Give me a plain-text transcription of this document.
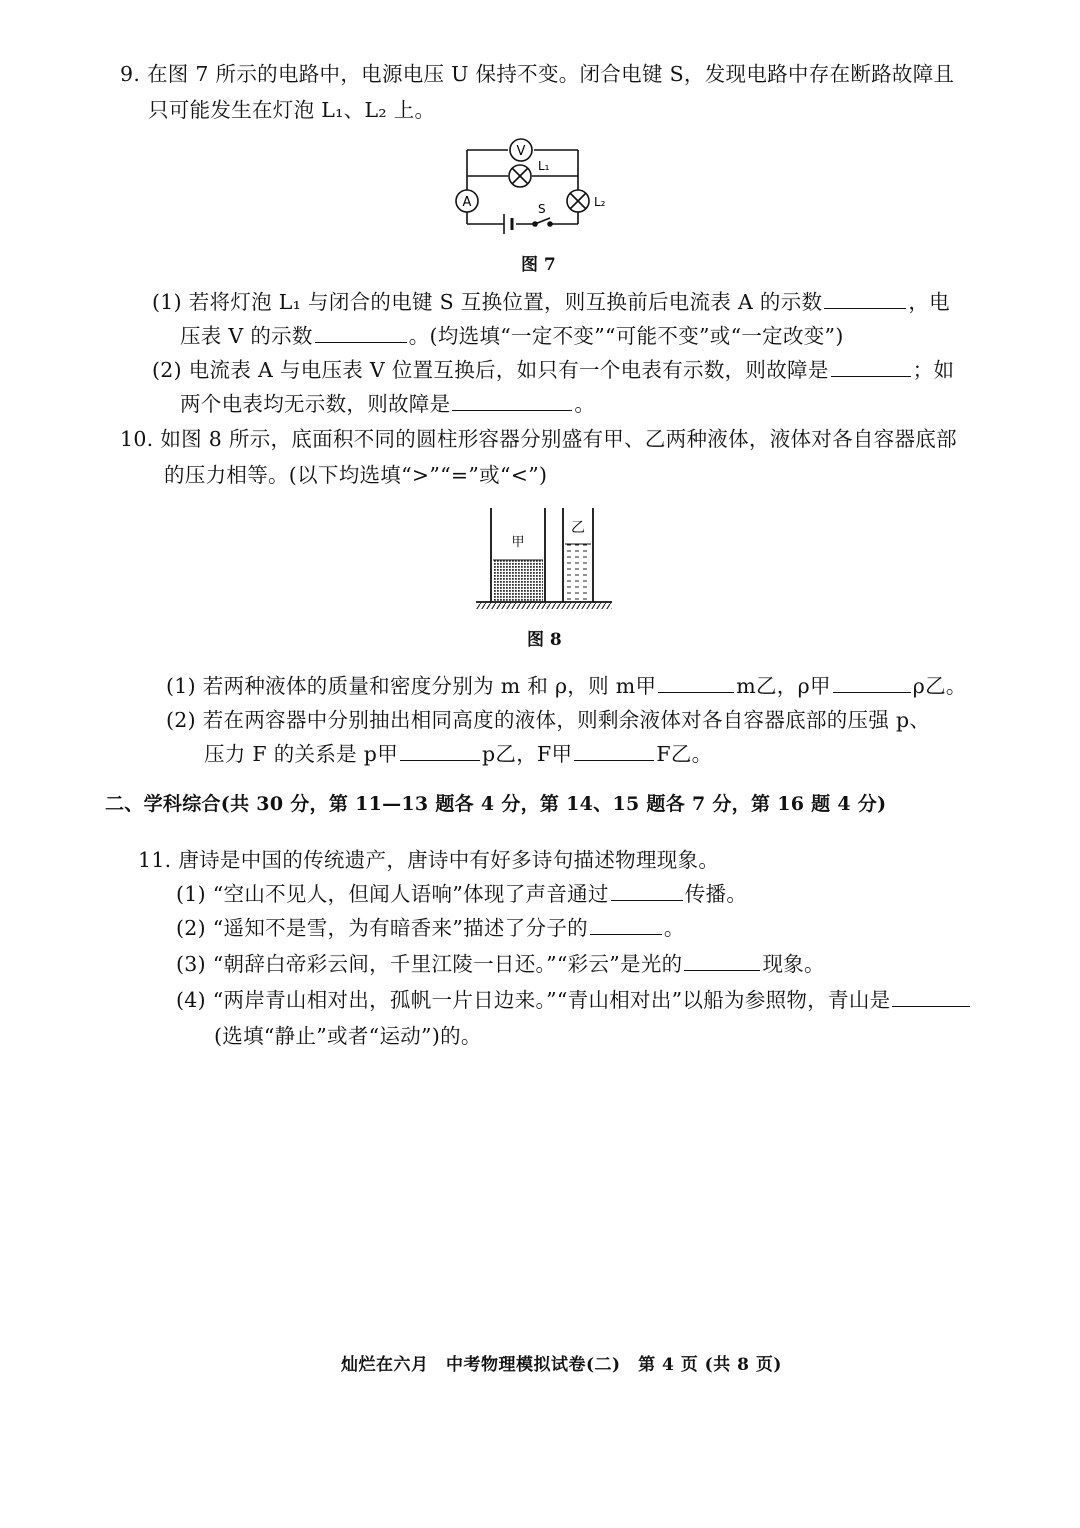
9. 在图 7 所示的电路中，电源电压 U 保持不变。闭合电键 S，发现电路中存在断路故障且
只可能发生在灯泡 L₁、L₂ 上。
V
A
L₁
L₂
S
图 7
(1) 若将灯泡 L₁ 与闭合的电键 S 互换位置，则互换前后电流表 A 的示数	，电
压表 V 的示数	。(均选填“一定不变”“可能不变”或“一定改变”)
(2) 电流表 A 与电压表 V 位置互换后，如只有一个电表有示数，则故障是	；如
两个电表均无示数，则故障是	。
10. 如图 8 所示，底面积不同的圆柱形容器分别盛有甲、乙两种液体，液体对各自容器底部
的压力相等。(以下均选填“>”“=”或“<”)
甲
乙
图 8
(1) 若两种液体的质量和密度分别为 m 和 ρ，则 m甲	m乙，ρ甲	ρ乙。
(2) 若在两容器中分别抽出相同高度的液体，则剩余液体对各自容器底部的压强 p、
压力 F 的关系是 p甲	p乙，F甲	F乙。
二、学科综合(共 30 分，第 11—13 题各 4 分，第 14、15 题各 7 分，第 16 题 4 分)
11. 唐诗是中国的传统遗产，唐诗中有好多诗句描述物理现象。
(1) “空山不见人，但闻人语响”体现了声音通过	传播。
(2) “遥知不是雪，为有暗香来”描述了分子的	。
(3) “朝辞白帝彩云间，千里江陵一日还。”“彩云”是光的	现象。
(4) “两岸青山相对出，孤帆一片日边来。”“青山相对出”以船为参照物，青山是
(选填“静止”或者“运动”)的。
灿烂在六月　中考物理模拟试卷(二)　第 4 页 (共 8 页)
